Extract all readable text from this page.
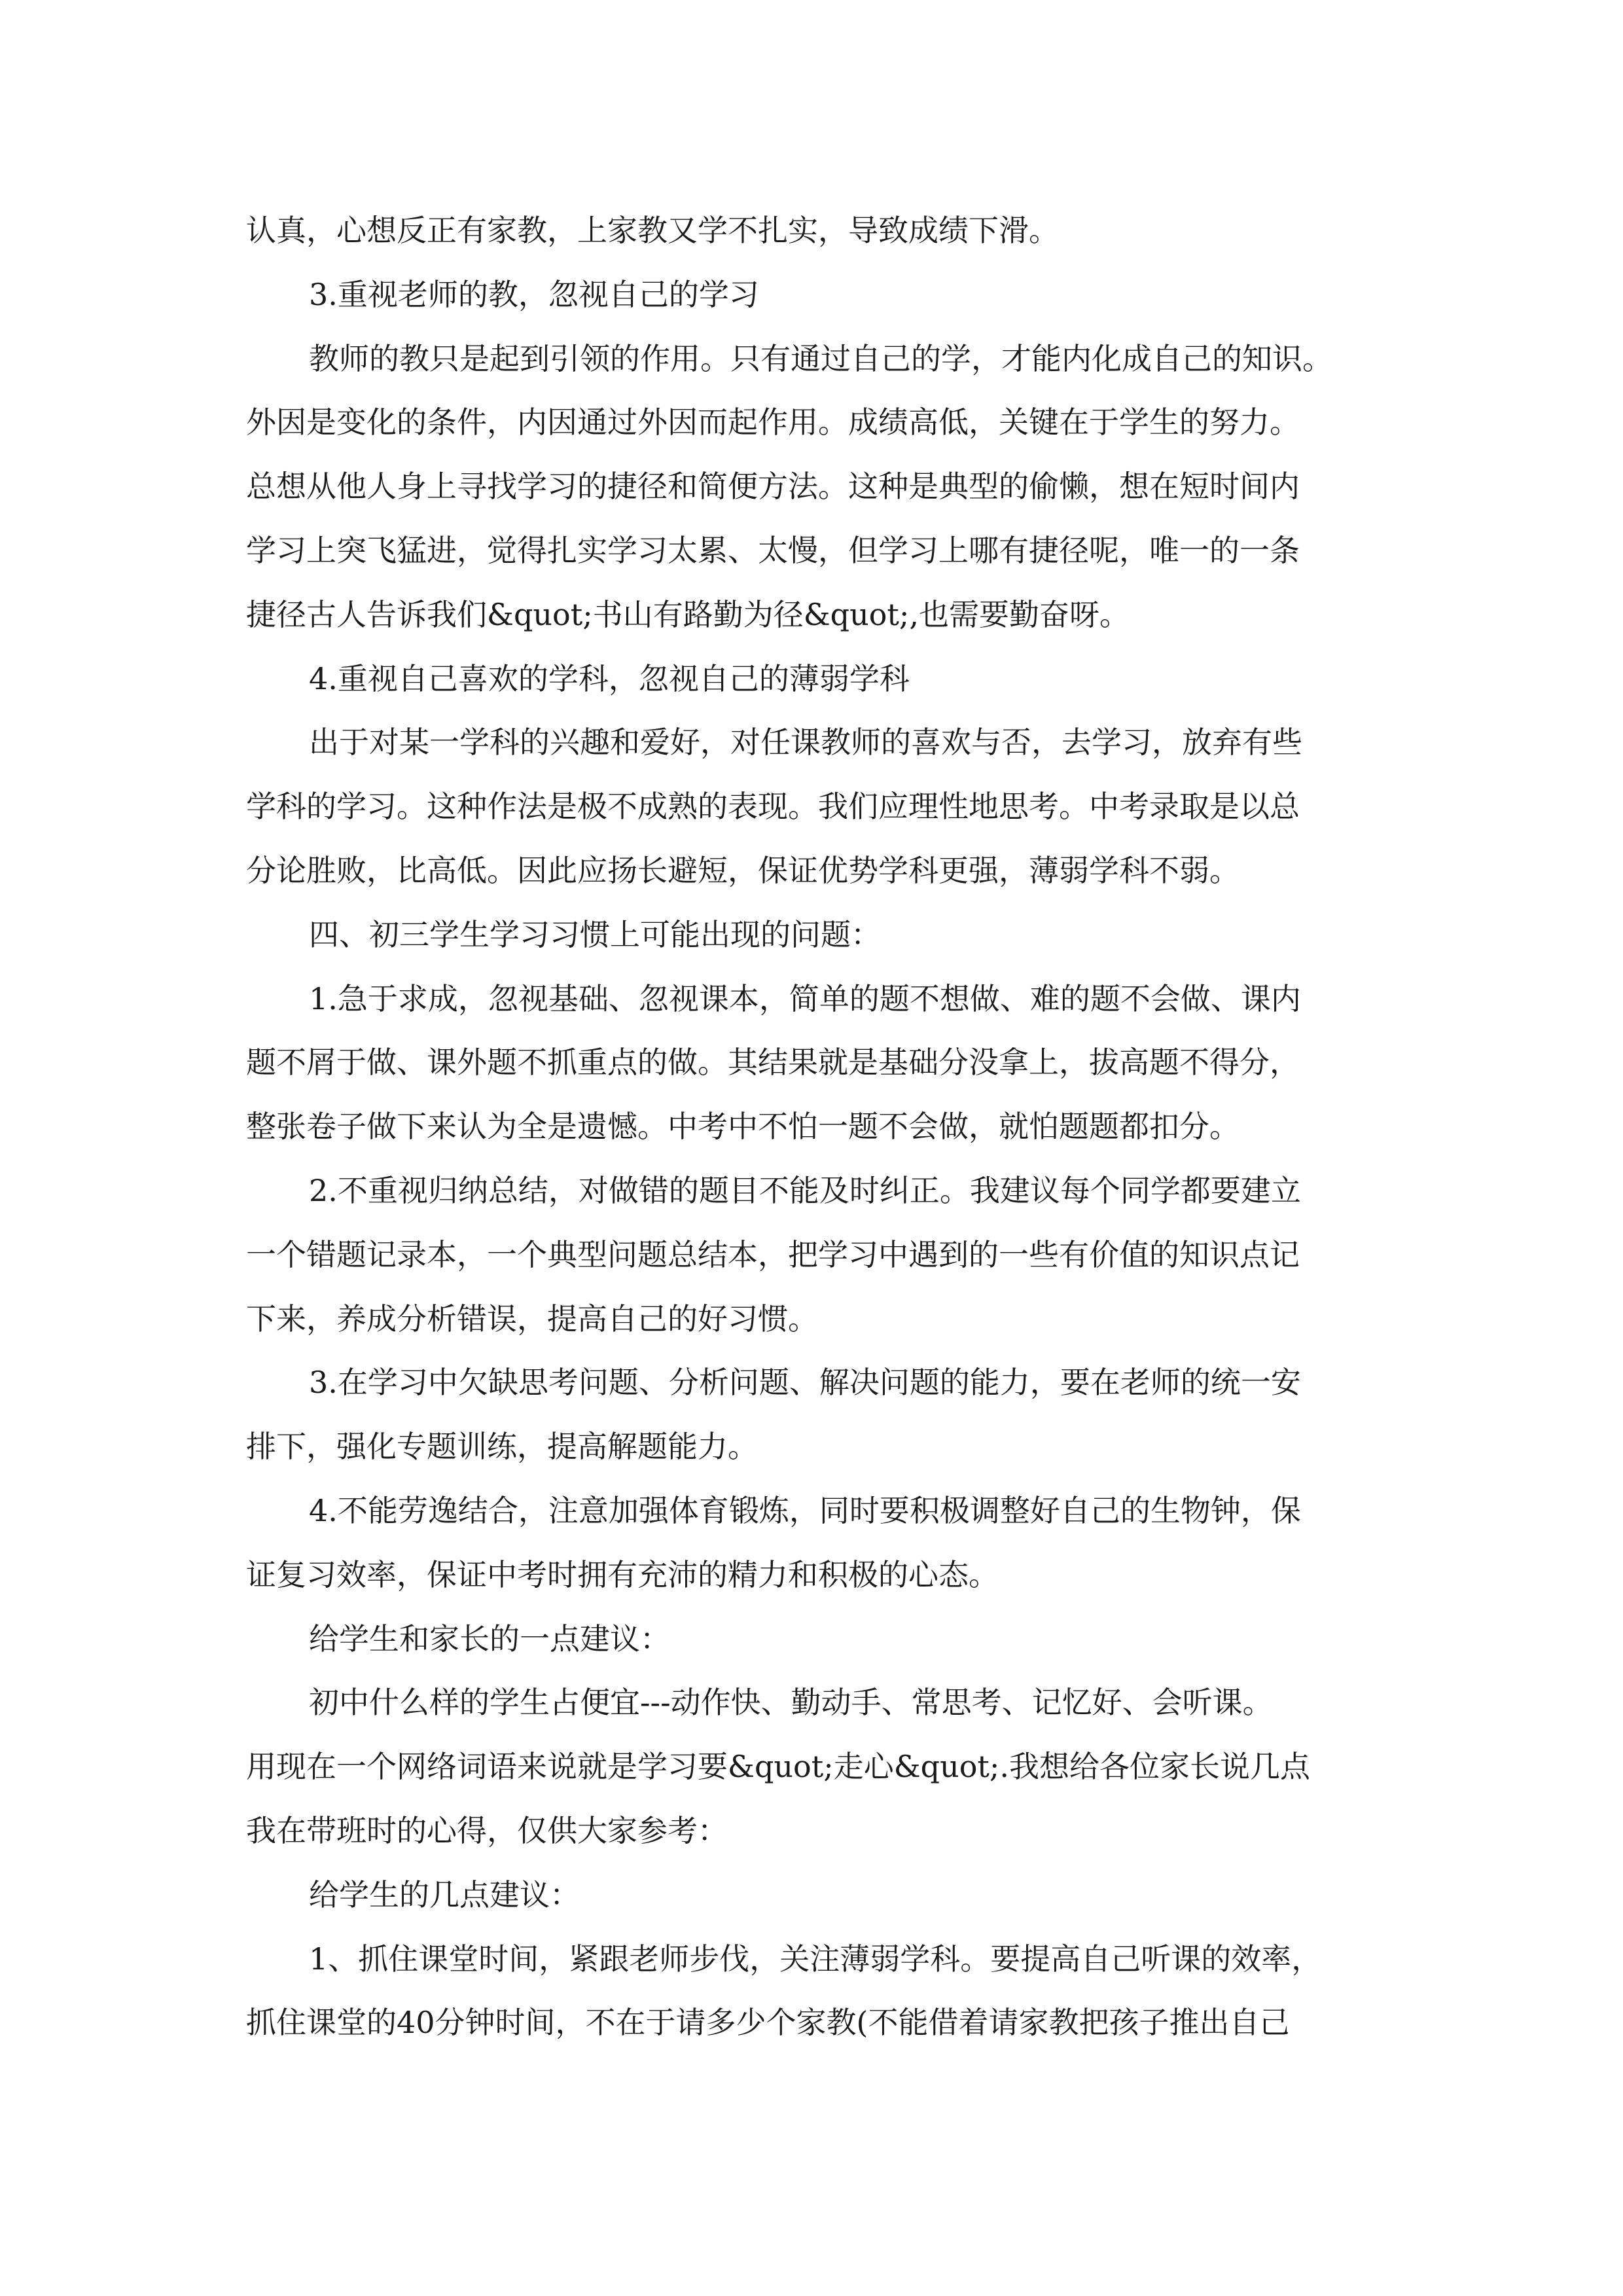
认真，心想反正有家教，上家教又学不扎实，导致成绩下滑。
3.重视老师的教，忽视自己的学习
教师的教只是起到引领的作用。只有通过自己的学，才能内化成自己的知识。
外因是变化的条件，内因通过外因而起作用。成绩高低，关键在于学生的努力。
总想从他人身上寻找学习的捷径和简便方法。这种是典型的偷懒，想在短时间内
学习上突飞猛进，觉得扎实学习太累、太慢，但学习上哪有捷径呢，唯一的一条
捷径古人告诉我们&quot;书山有路勤为径&quot;,也需要勤奋呀。
4.重视自己喜欢的学科，忽视自己的薄弱学科
出于对某一学科的兴趣和爱好，对任课教师的喜欢与否，去学习，放弃有些
学科的学习。这种作法是极不成熟的表现。我们应理性地思考。中考录取是以总
分论胜败，比高低。因此应扬长避短，保证优势学科更强，薄弱学科不弱。
四、初三学生学习习惯上可能出现的问题：
1.急于求成，忽视基础、忽视课本，简单的题不想做、难的题不会做、课内
题不屑于做、课外题不抓重点的做。其结果就是基础分没拿上，拔高题不得分，
整张卷子做下来认为全是遗憾。中考中不怕一题不会做，就怕题题都扣分。
2.不重视归纳总结，对做错的题目不能及时纠正。我建议每个同学都要建立
一个错题记录本，一个典型问题总结本，把学习中遇到的一些有价值的知识点记
下来，养成分析错误，提高自己的好习惯。
3.在学习中欠缺思考问题、分析问题、解决问题的能力，要在老师的统一安
排下，强化专题训练，提高解题能力。
4.不能劳逸结合，注意加强体育锻炼，同时要积极调整好自己的生物钟，保
证复习效率，保证中考时拥有充沛的精力和积极的心态。
给学生和家长的一点建议：
初中什么样的学生占便宜---动作快、勤动手、常思考、记忆好、会听课。
用现在一个网络词语来说就是学习要&quot;走心&quot;.我想给各位家长说几点
我在带班时的心得，仅供大家参考：
给学生的几点建议：
1、抓住课堂时间，紧跟老师步伐，关注薄弱学科。要提高自己听课的效率，
抓住课堂的40分钟时间，不在于请多少个家教(不能借着请家教把孩子推出自己
